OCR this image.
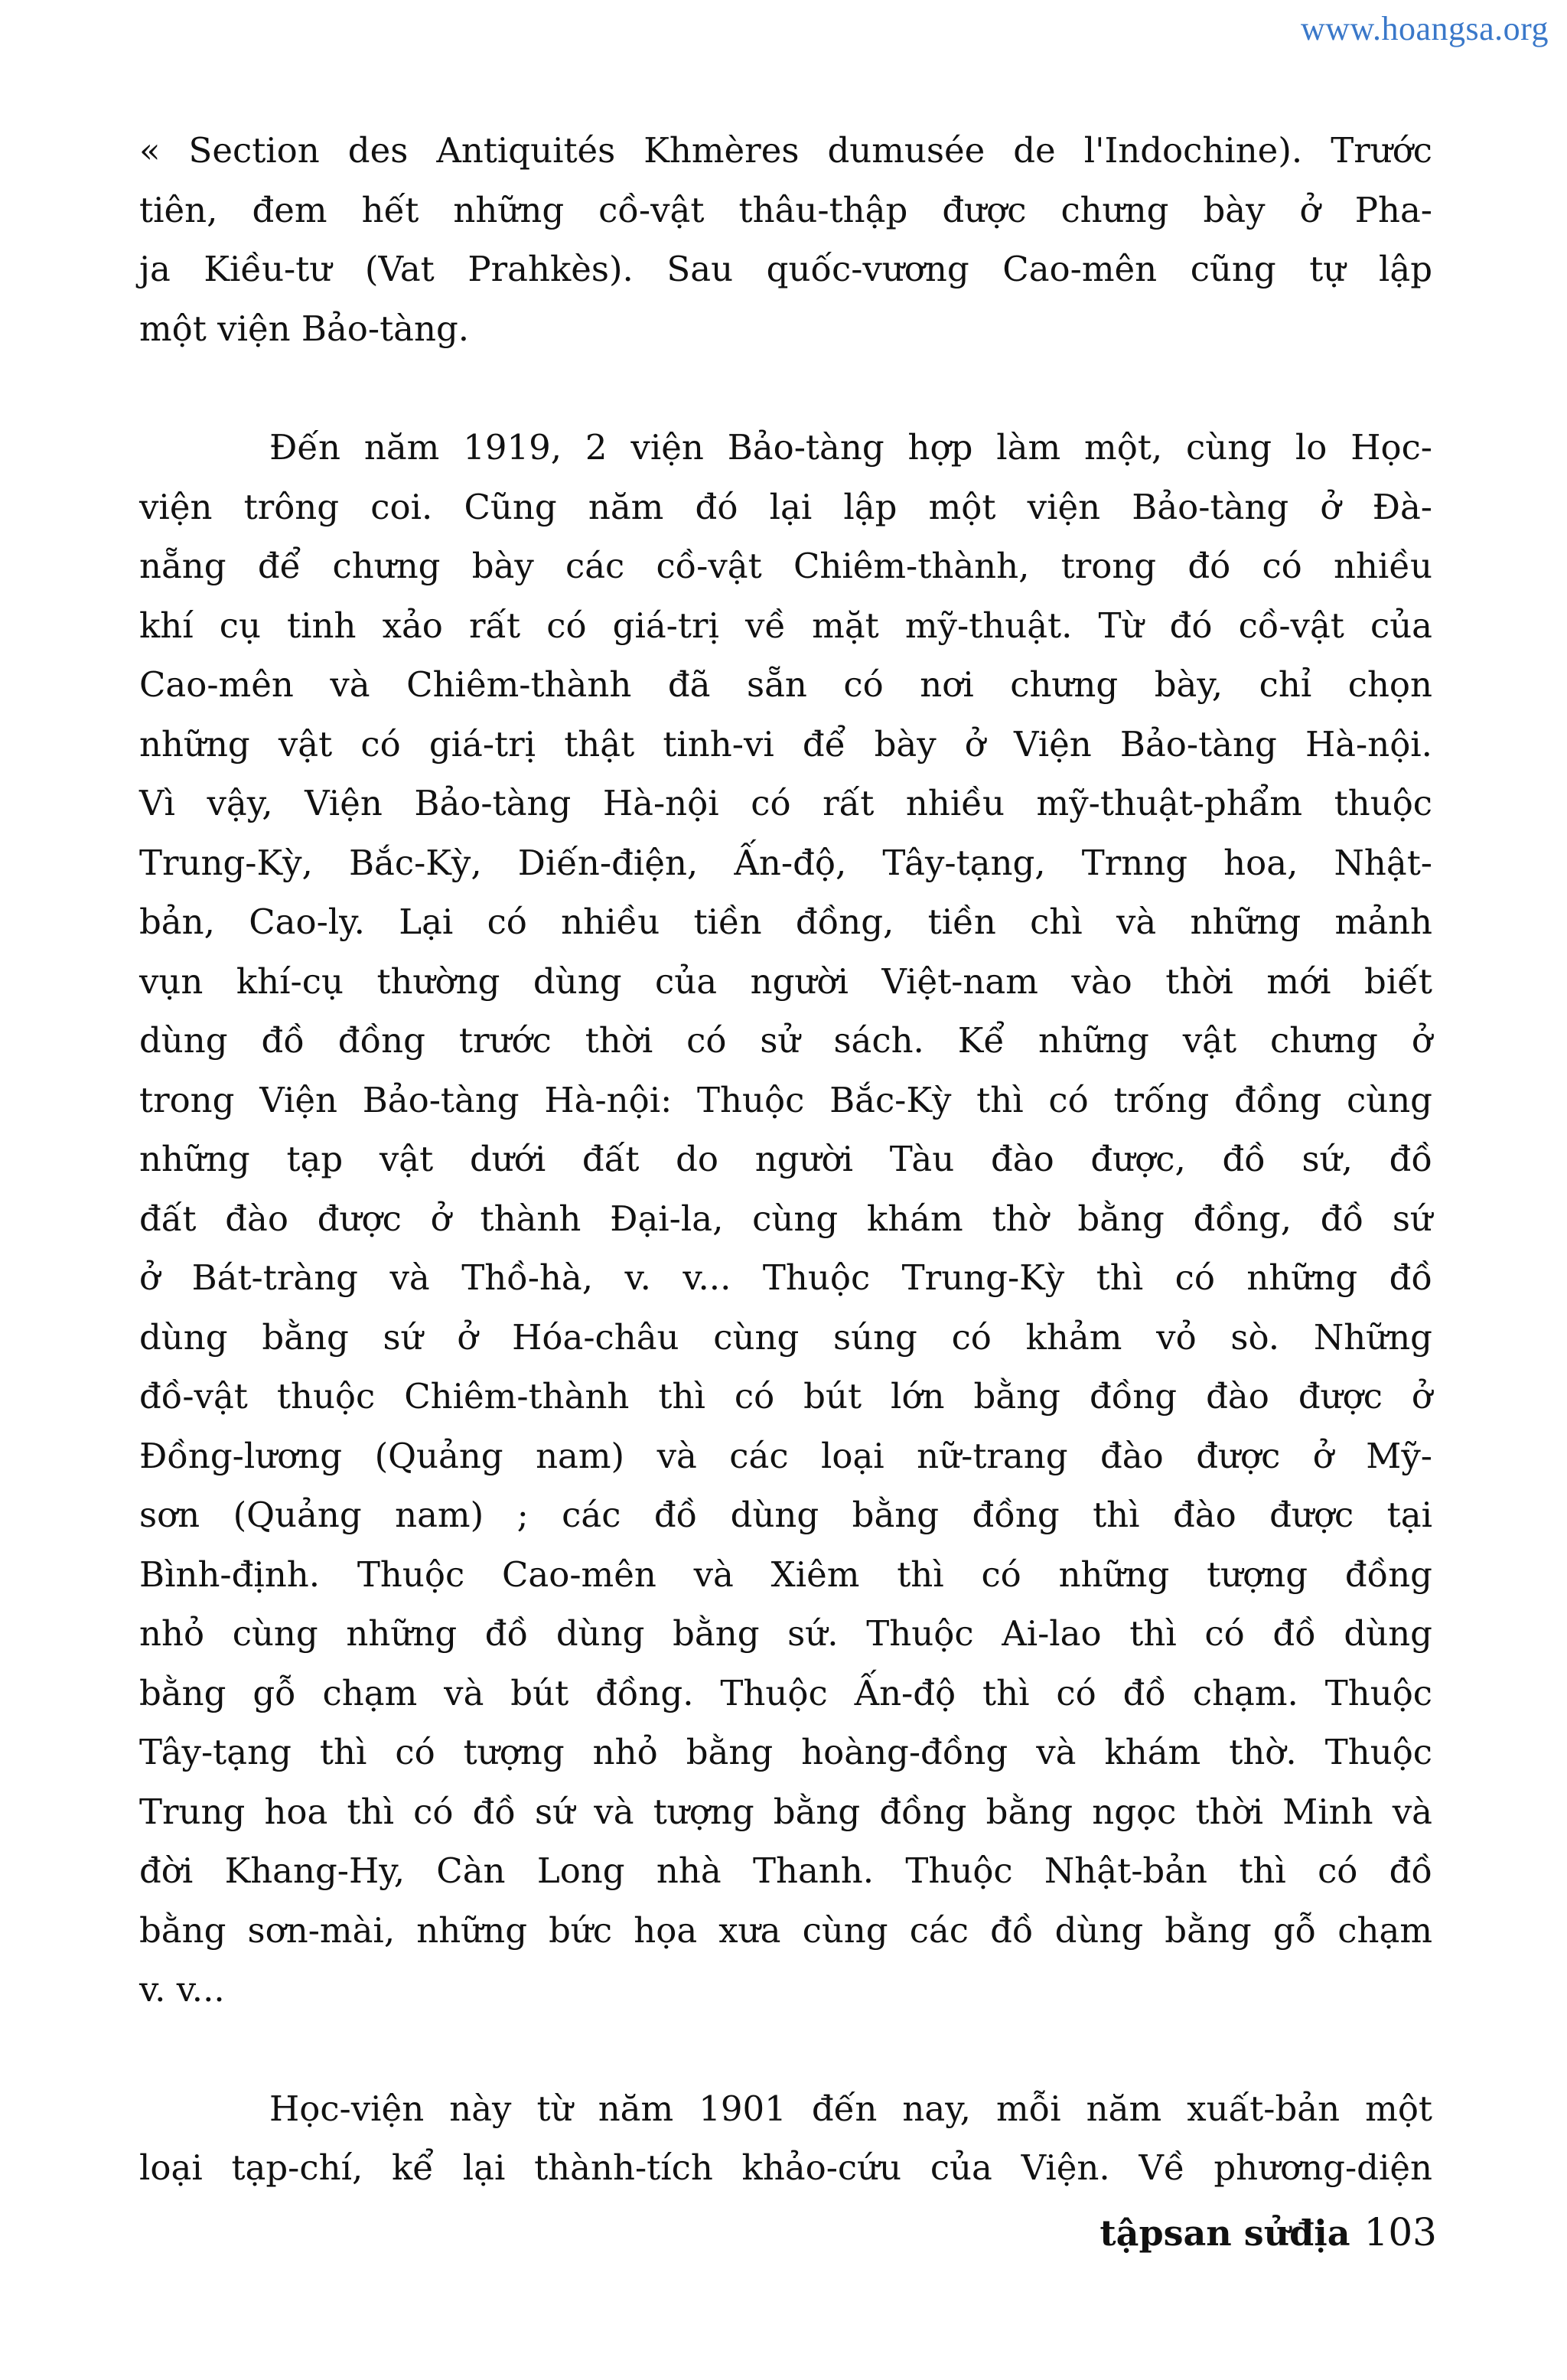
www.hoangsa.org
« Section des Antiquités Khmères dumusée de l'Indochine). Trước
tiên, đem hết những cồ-vật thâu-thập được chưng bày ở Pha-
ja Kiều-tư (Vat Prahkès). Sau quốc-vương Cao-mên cũng tự lập
một viện Bảo-tàng.
Đến năm 1919, 2 viện Bảo-tàng hợp làm một, cùng lo Học-
viện trông coi. Cũng năm đó lại lập một viện Bảo-tàng ở Đà-
nẵng để chưng bày các cồ-vật Chiêm-thành, trong đó có nhiều
khí cụ tinh xảo rất có giá-trị về mặt mỹ-thuật. Từ đó cồ-vật của
Cao-mên và Chiêm-thành đã sẵn có nơi chưng bày, chỉ chọn
những vật có giá-trị thật tinh-vi để bày ở Viện Bảo-tàng Hà-nội.
Vì vậy, Viện Bảo-tàng Hà-nội có rất nhiều mỹ-thuật-phẩm thuộc
Trung-Kỳ, Bắc-Kỳ, Diến-điện, Ấn-độ, Tây-tạng, Trnng hoa, Nhật-
bản, Cao-ly. Lại có nhiều tiền đồng, tiền chì và những mảnh
vụn khí-cụ thường dùng của người Việt-nam vào thời mới biết
dùng đồ đồng trước thời có sử sách. Kể những vật chưng ở
trong Viện Bảo-tàng Hà-nội: Thuộc Bắc-Kỳ thì có trống đồng cùng
những tạp vật dưới đất do người Tàu đào được, đồ sứ, đồ
đất đào được ở thành Đại-la, cùng khám thờ bằng đồng, đồ sứ
ở Bát-tràng và Thồ-hà, v. v... Thuộc Trung-Kỳ thì có những đồ
dùng bằng sứ ở Hóa-châu cùng súng có khảm vỏ sò. Những
đồ-vật thuộc Chiêm-thành thì có bút lớn bằng đồng đào được ở
Đồng-lương (Quảng nam) và các loại nữ-trang đào được ở Mỹ-
sơn (Quảng nam) ; các đồ dùng bằng đồng thì đào được tại
Bình-định. Thuộc Cao-mên và Xiêm thì có những tượng đồng
nhỏ cùng những đồ dùng bằng sứ. Thuộc Ai-lao thì có đồ dùng
bằng gỗ chạm và bút đồng. Thuộc Ấn-độ thì có đồ chạm. Thuộc
Tây-tạng thì có tượng nhỏ bằng hoàng-đồng và khám thờ. Thuộc
Trung hoa thì có đồ sứ và tượng bằng đồng bằng ngọc thời Minh và
đời Khang-Hy, Càn Long nhà Thanh. Thuộc Nhật-bản thì có đồ
bằng sơn-mài, những bức họa xưa cùng các đồ dùng bằng gỗ chạm
v. v...
Học-viện này từ năm 1901 đến nay, mỗi năm xuất-bản một
loại tạp-chí, kể lại thành-tích khảo-cứu của Viện. Về phương-diện
tậpsan sửđịa 103
